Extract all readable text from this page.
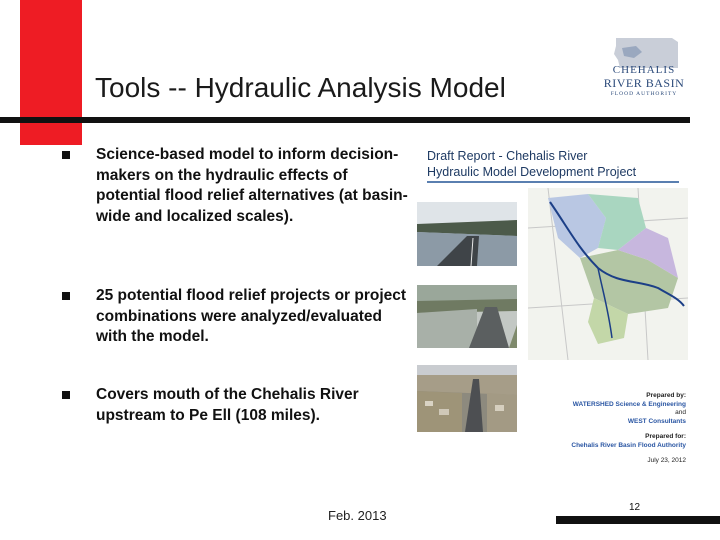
Tools -- Hydraulic Analysis Model
CHEHALIS
RIVER BASIN
FLOOD AUTHORITY
Science-based model to inform decision-makers on the hydraulic effects of potential flood relief alternatives (at basin-wide and localized scales).
25 potential flood relief projects or project combinations were analyzed/evaluated with the model.
Covers mouth of the Chehalis River upstream to Pe Ell (108 miles).
Draft Report - Chehalis River
Hydraulic Model Development Project
Prepared by:
WATERSHED Science & Engineering
and
WEST Consultants
Prepared for:
Chehalis River Basin Flood Authority
July 23, 2012
Feb. 2013
12
